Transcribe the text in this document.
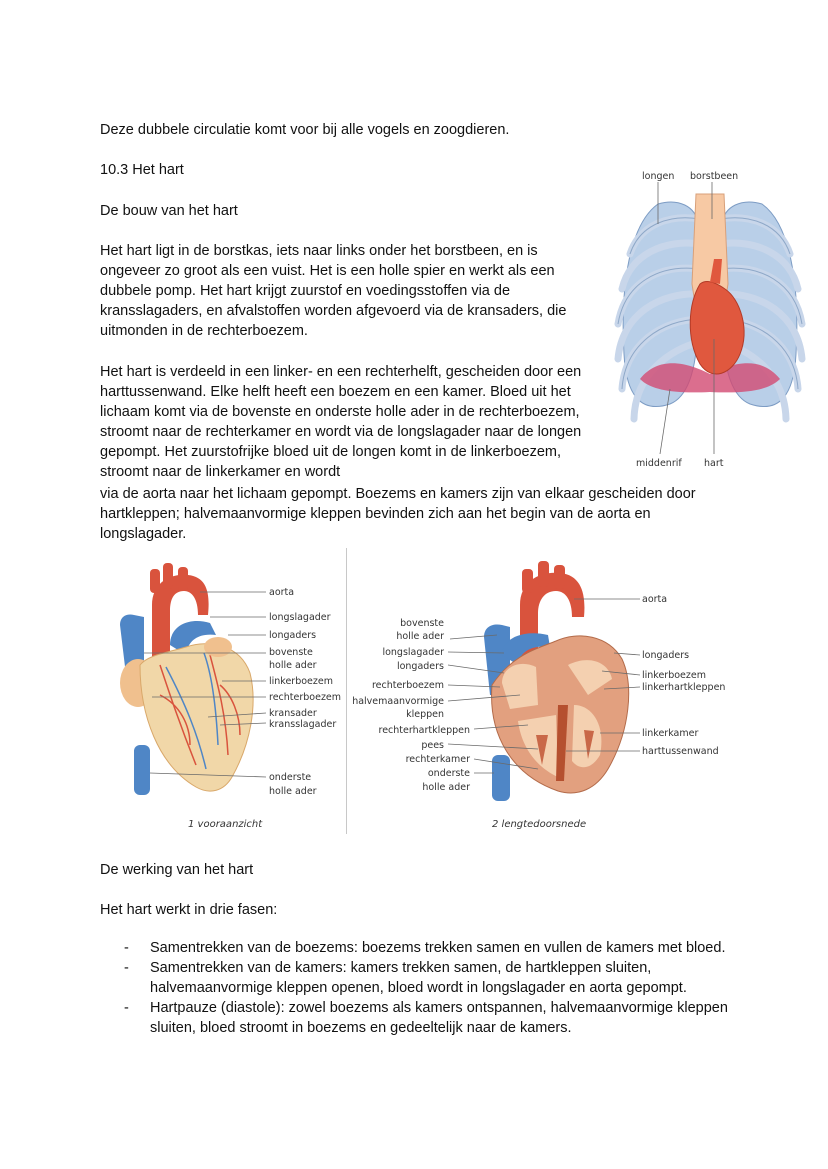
Deze dubbele circulatie komt voor bij alle vogels en zoogdieren.

10.3 Het hart

De bouw van het hart

Het hart ligt in de borstkas, iets naar links onder het borstbeen, en is ongeveer zo groot als een vuist. Het is een holle spier en werkt als een dubbele pomp. Het hart krijgt zuurstof en voedingsstoffen via de kransslagaders, en afvalstoffen worden afgevoerd via de kransaders, die uitmonden in de rechterboezem.

Het hart is verdeeld in een linker- en een rechterhelft, gescheiden door een harttussenwand. Elke helft heeft een boezem en een kamer. Bloed uit het lichaam komt via de bovenste en onderste holle ader in de rechterboezem, stroomt naar de rechterkamer en wordt via de longslagader naar de longen gepompt. Het zuurstofrijke bloed uit de longen komt in de linkerboezem, stroomt naar de linkerkamer en wordt

via de aorta naar het lichaam gepompt. Boezems en kamers zijn van elkaar gescheiden door hartkleppen; halvemaanvormige kleppen bevinden zich aan het begin van de aorta en longslagader.

longen borstbeen
middenrif hart
aorta
longslagader
longaders
bovenste
holle ader
linkerboezem
rechterboezem
kransader
kransslagader
onderste
holle ader
1 vooraanzicht
bovenste
holle ader
longslagader
longaders
rechterboezem
halvemaanvormige
kleppen
rechterhartkleppen
pees
rechterkamer
onderste
holle ader
aorta
longaders
linkerboezem
linkerhartkleppen
linkerkamer
harttussenwand
2 lengtedoorsnede

De werking van het hart

Het hart werkt in drie fasen:

- Samentrekken van de boezems: boezems trekken samen en vullen de kamers met bloed.
- Samentrekken van de kamers: kamers trekken samen, de hartkleppen sluiten, halvemaanvormige kleppen openen, bloed wordt in longslagader en aorta gepompt.
- Hartpauze (diastole): zowel boezems als kamers ontspannen, halvemaanvormige kleppen sluiten, bloed stroomt in boezems en gedeeltelijk naar de kamers.
